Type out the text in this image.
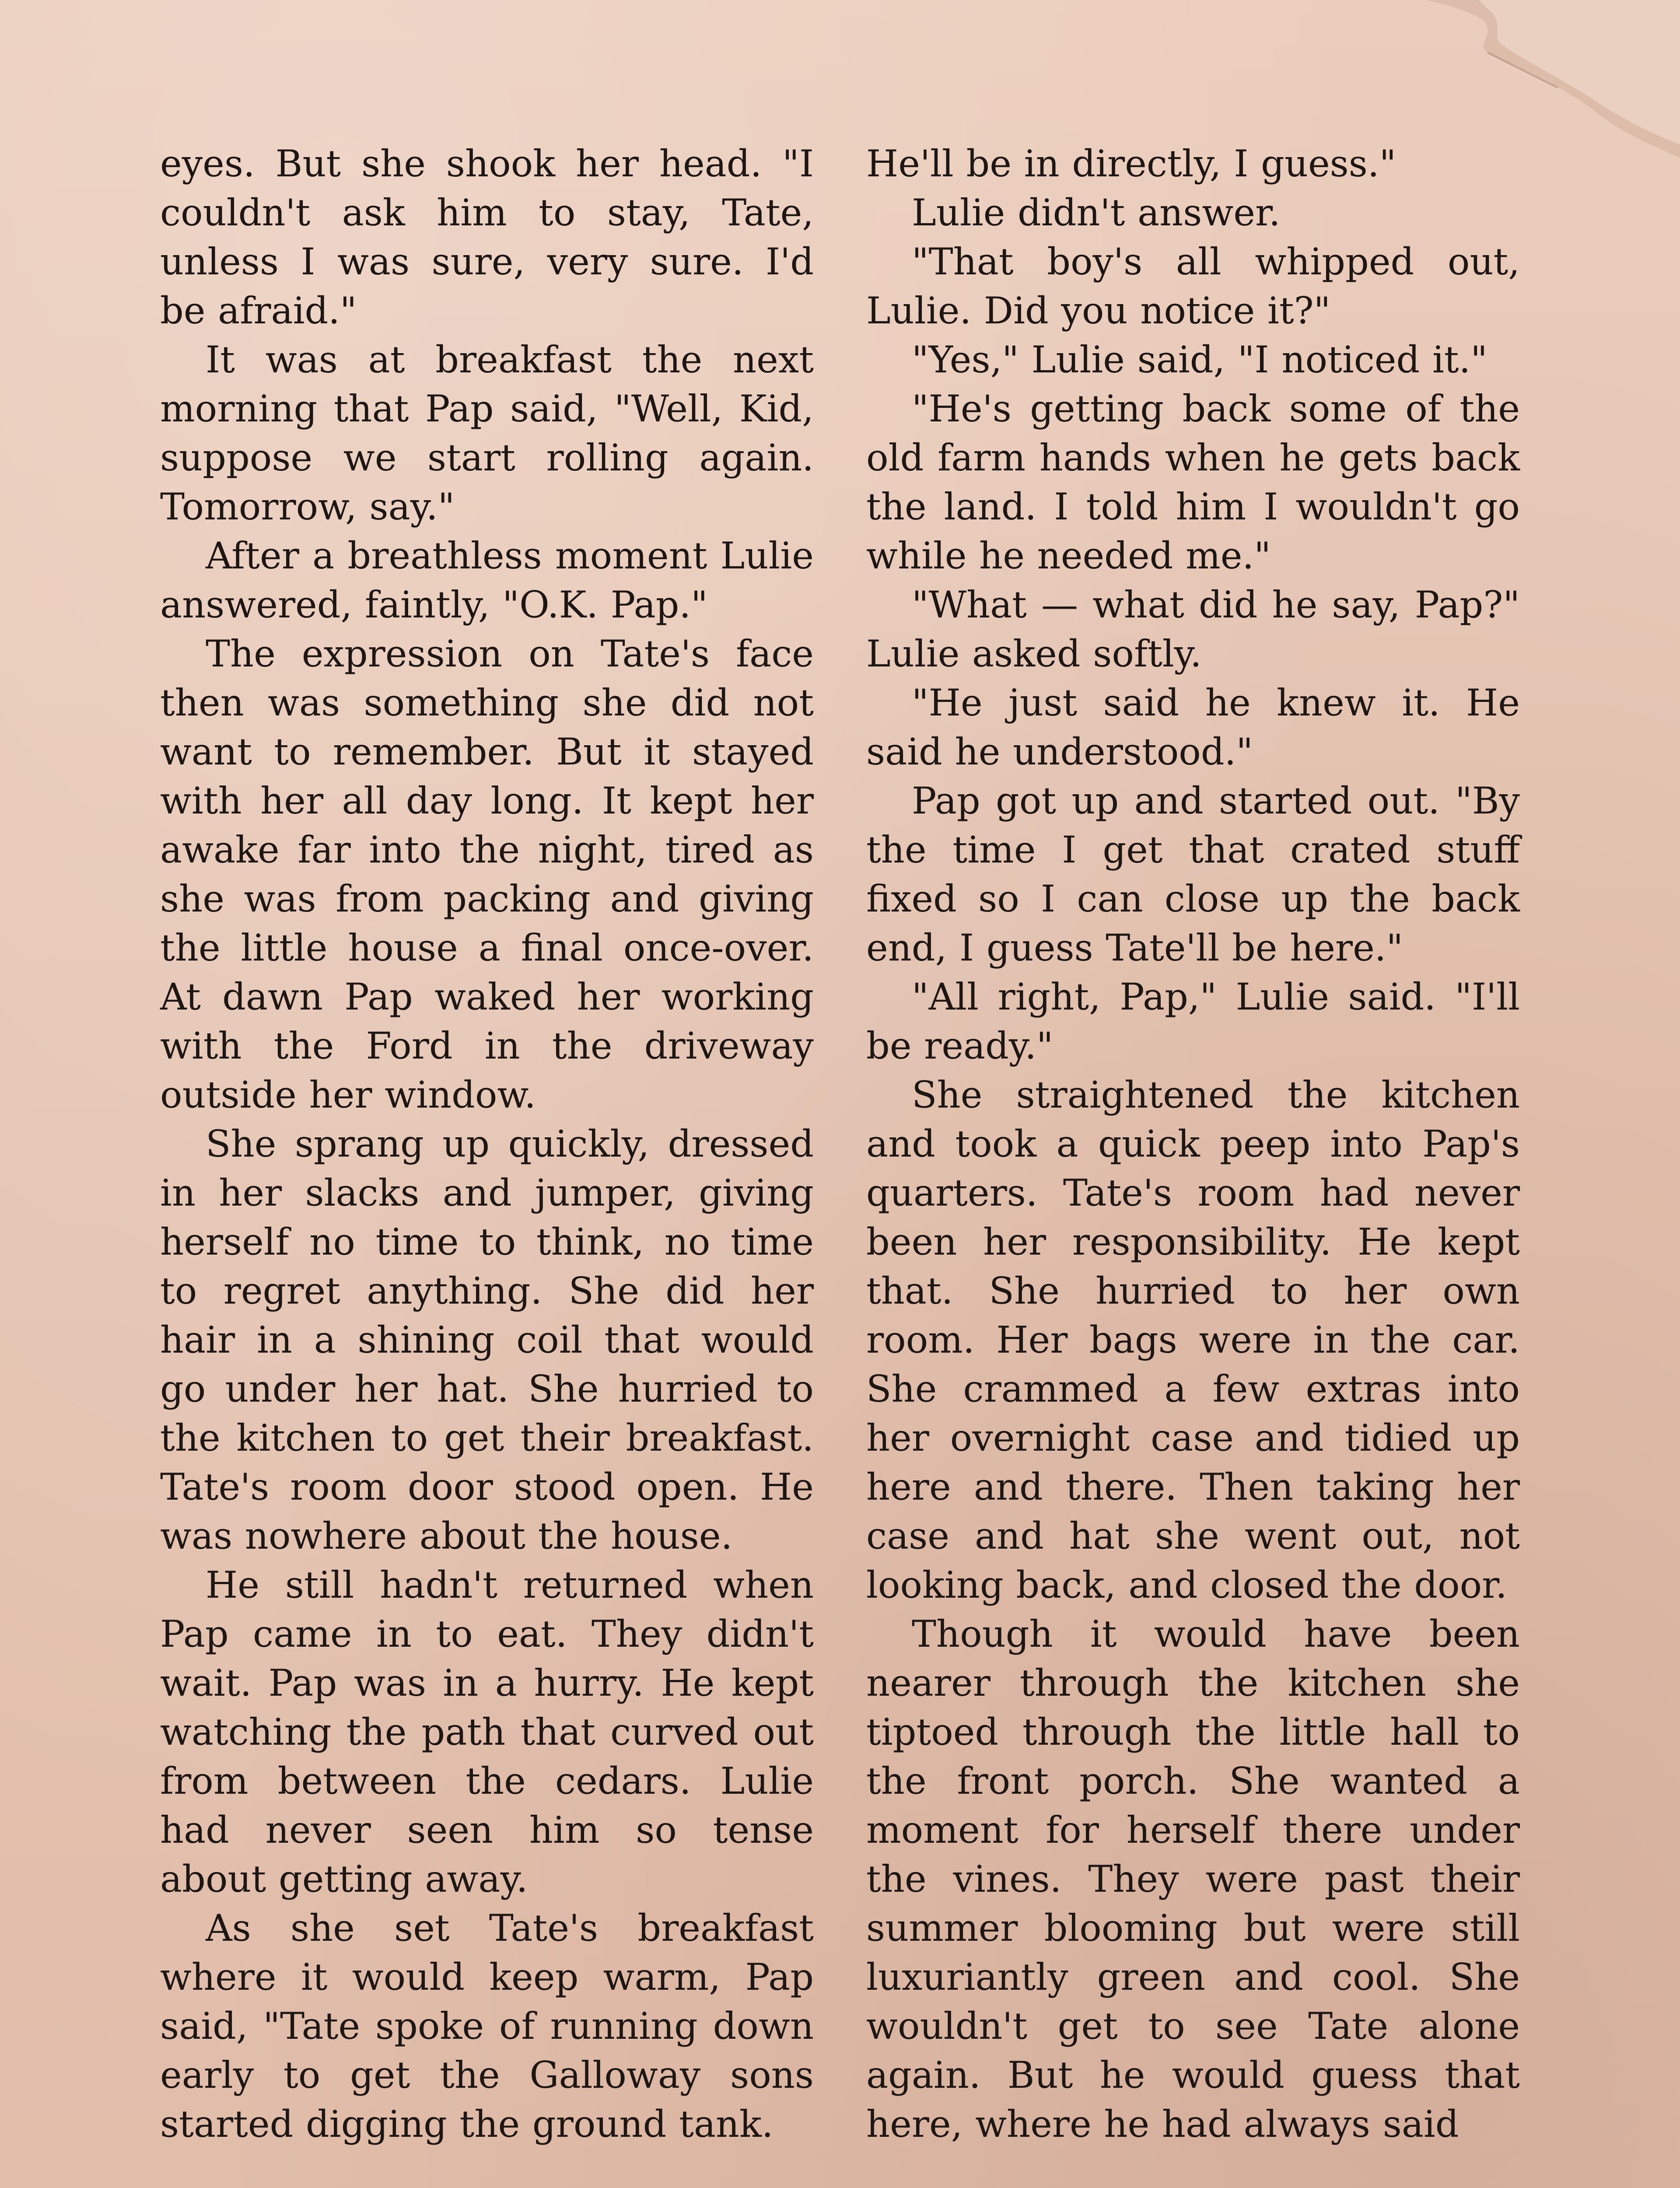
eyes. But she shook her head. "I couldn't ask him to stay, Tate, unless I was sure, very sure. I'd be afraid."

It was at breakfast the next morning that Pap said, "Well, Kid, suppose we start rolling again. Tomorrow, say."

After a breathless moment Lulie answered, faintly, "O.K. Pap."

The expression on Tate's face then was something she did not want to remember. But it stayed with her all day long. It kept her awake far into the night, tired as she was from packing and giving the little house a final once-over. At dawn Pap waked her working with the Ford in the driveway outside her window.

She sprang up quickly, dressed in her slacks and jumper, giving herself no time to think, no time to regret anything. She did her hair in a shining coil that would go under her hat. She hurried to the kitchen to get their breakfast. Tate's room door stood open. He was nowhere about the house.

He still hadn't returned when Pap came in to eat. They didn't wait. Pap was in a hurry. He kept watching the path that curved out from between the cedars. Lulie had never seen him so tense about getting away.

As she set Tate's breakfast where it would keep warm, Pap said, "Tate spoke of running down early to get the Galloway sons started digging the ground tank.

He'll be in directly, I guess."

Lulie didn't answer.

"That boy's all whipped out, Lulie. Did you notice it?"

"Yes," Lulie said, "I noticed it."

"He's getting back some of the old farm hands when he gets back the land. I told him I wouldn't go while he needed me."

"What — what did he say, Pap?" Lulie asked softly.

"He just said he knew it. He said he understood."

Pap got up and started out. "By the time I get that crated stuff fixed so I can close up the back end, I guess Tate'll be here."

"All right, Pap," Lulie said. "I'll be ready."

She straightened the kitchen and took a quick peep into Pap's quarters. Tate's room had never been her responsibility. He kept that. She hurried to her own room. Her bags were in the car. She crammed a few extras into her overnight case and tidied up here and there. Then taking her case and hat she went out, not looking back, and closed the door.

Though it would have been nearer through the kitchen she tiptoed through the little hall to the front porch. She wanted a moment for herself there under the vines. They were past their summer blooming but were still luxuriantly green and cool. She wouldn't get to see Tate alone again. But he would guess that here, where he had always said
